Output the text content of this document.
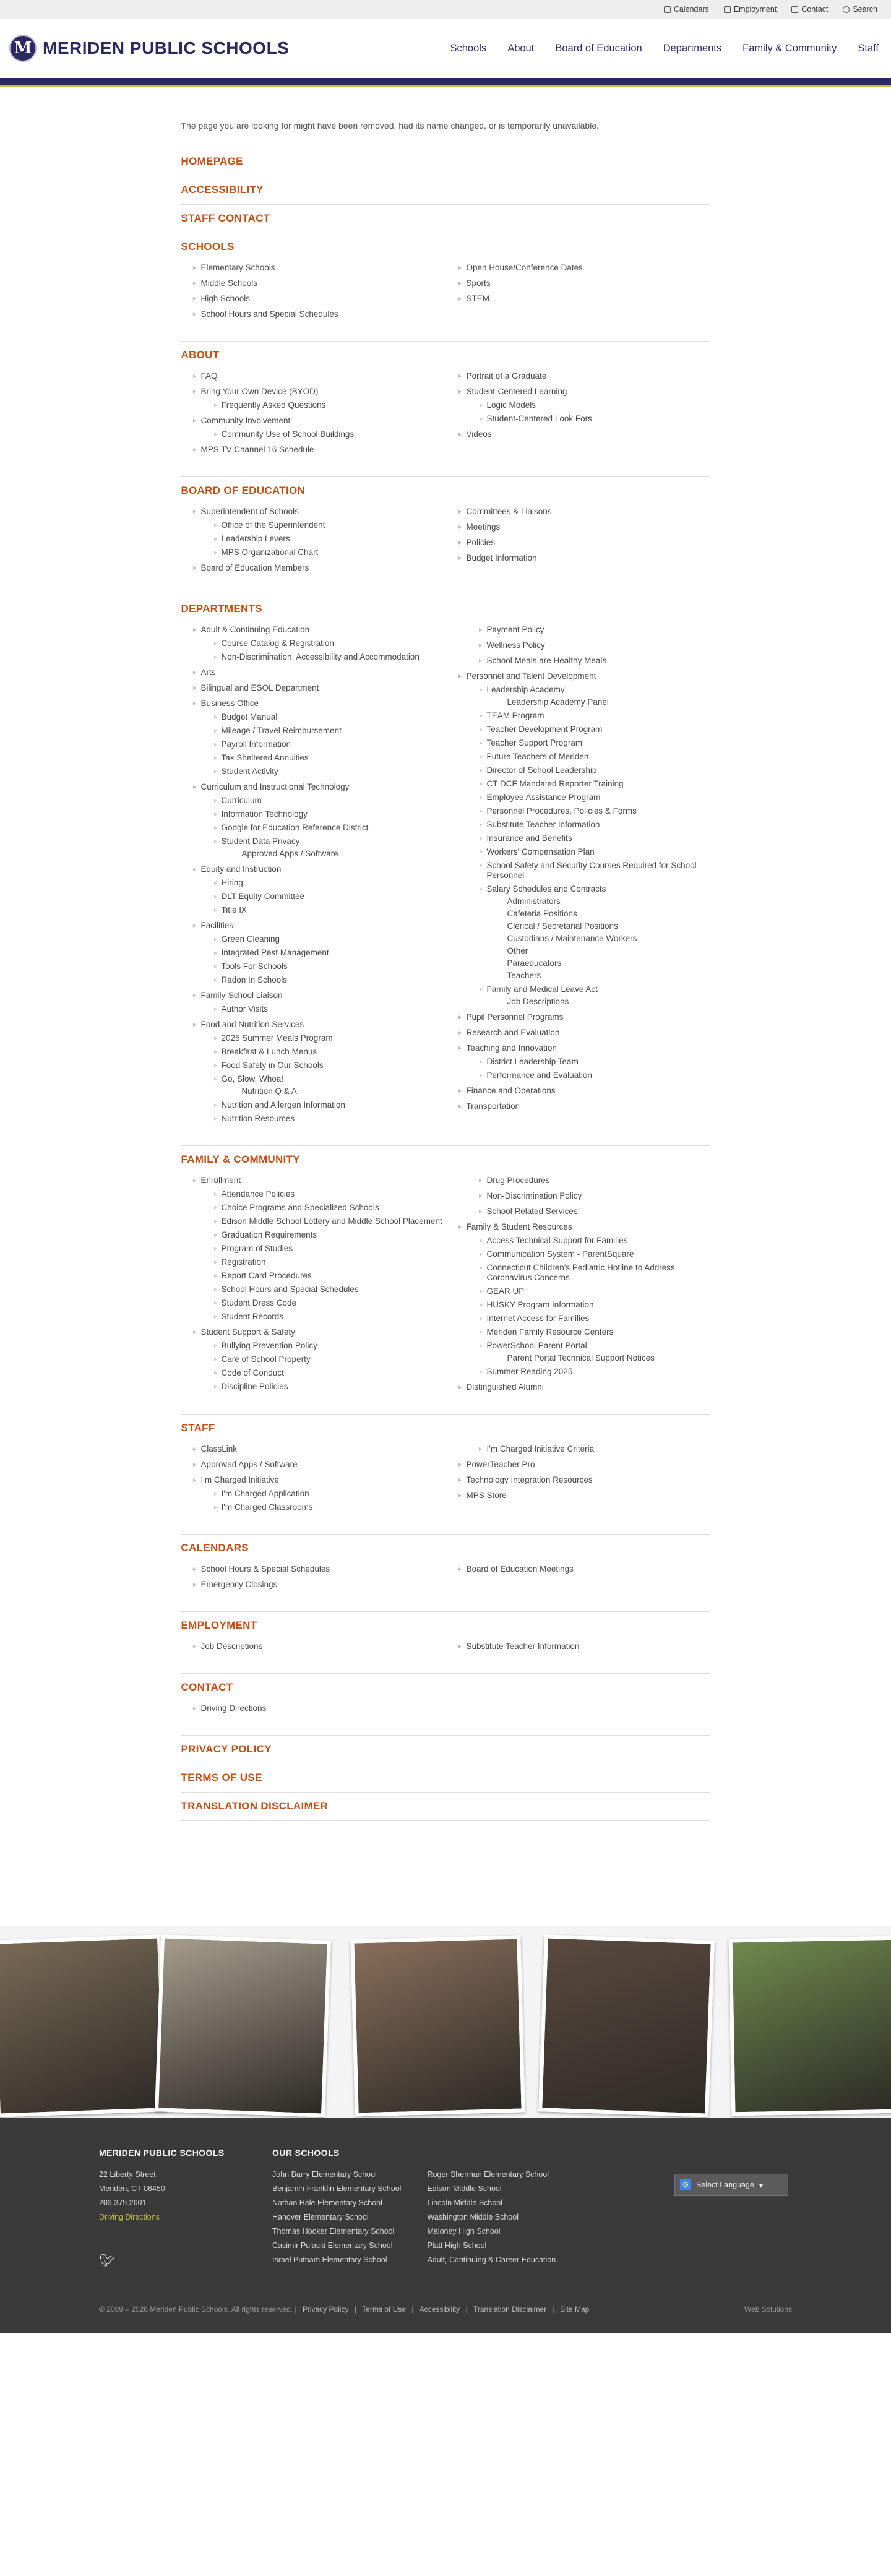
Calendars	Employment	Contact	Search
M MERIDEN PUBLIC SCHOOLS	Schools About Board of Education Departments Family & Community Staff

The page you are looking for might have been removed, had its name changed, or is temporarily unavailable.

HOMEPAGE
ACCESSIBILITY
STAFF CONTACT
SCHOOLS
Elementary Schools
Middle Schools
High Schools
School Hours and Special Schedules
Open House/Conference Dates
Sports
STEM
ABOUT
FAQ
Bring Your Own Device (BYOD)
Frequently Asked Questions
Community Involvement
Community Use of School Buildings
MPS TV Channel 16 Schedule
Portrait of a Graduate
Student-Centered Learning
Logic Models
Student-Centered Look Fors
Videos
BOARD OF EDUCATION
Superintendent of Schools
Office of the Superintendent
Leadership Levers
MPS Organizational Chart
Board of Education Members
Committees & Liaisons
Meetings
Policies
Budget Information
DEPARTMENTS
Adult & Continuing Education
Course Catalog & Registration
Non-Discrimination, Accessibility and Accommodation
Arts
Bilingual and ESOL Department
Business Office
Budget Manual
Mileage / Travel Reimbursement
Payroll Information
Tax Sheltered Annuities
Student Activity
Curriculum and Instructional Technology
Curriculum
Information Technology
Google for Education Reference District
Student Data Privacy
Approved Apps / Software
Equity and Instruction
Hiring
DLT Equity Committee
Title IX
Facilities
Green Cleaning
Integrated Pest Management
Tools For Schools
Radon In Schools
Family-School Liaison
Author Visits
Food and Nutrition Services
2025 Summer Meals Program
Breakfast & Lunch Menus
Food Safety in Our Schools
Go, Slow, Whoa!
Nutrition Q & A
Nutrition and Allergen Information
Nutrition Resources
Payment Policy
Wellness Policy
School Meals are Healthy Meals
Personnel and Talent Development
Leadership Academy
Leadership Academy Panel
TEAM Program
Teacher Development Program
Teacher Support Program
Future Teachers of Meriden
Director of School Leadership
CT DCF Mandated Reporter Training
Employee Assistance Program
Personnel Procedures, Policies & Forms
Substitute Teacher Information
Insurance and Benefits
Workers' Compensation Plan
School Safety and Security Courses Required for School Personnel
Salary Schedules and Contracts
Administrators
Cafeteria Positions
Clerical / Secretarial Positions
Custodians / Maintenance Workers
Other
Paraeducators
Teachers
Family and Medical Leave Act
Job Descriptions
Pupil Personnel Programs
Research and Evaluation
Teaching and Innovation
District Leadership Team
Performance and Evaluation
Finance and Operations
Transportation
FAMILY & COMMUNITY
Enrollment
Attendance Policies
Choice Programs and Specialized Schools
Edison Middle School Lottery and Middle School Placement
Graduation Requirements
Program of Studies
Registration
Report Card Procedures
School Hours and Special Schedules
Student Dress Code
Student Records
Student Support & Safety
Bullying Prevention Policy
Care of School Property
Code of Conduct
Discipline Policies
Drug Procedures
Non-Discrimination Policy
School Related Services
Family & Student Resources
Access Technical Support for Families
Communication System - ParentSquare
Connecticut Children's Pediatric Hotline to Address Coronavirus Concerns
GEAR UP
HUSKY Program Information
Internet Access for Families
Meriden Family Resource Centers
PowerSchool Parent Portal
Parent Portal Technical Support Notices
Summer Reading 2025
Distinguished Alumni
STAFF
ClassLink
Approved Apps / Software
I'm Charged Initiative
I'm Charged Application
I'm Charged Classrooms
I'm Charged Initiative Criteria
PowerTeacher Pro
Technology Integration Resources
MPS Store
CALENDARS
School Hours & Special Schedules
Emergency Closings
Board of Education Meetings
EMPLOYMENT
Job Descriptions	Substitute Teacher Information
CONTACT
Driving Directions
PRIVACY POLICY
TERMS OF USE
TRANSLATION DISCLAIMER
MERIDEN PUBLIC SCHOOLS
22 Liberty Street
Meriden, CT 06450
203.379.2601
Driving Directions
🐦︎
OUR SCHOOLS
John Barry Elementary School
Benjamin Franklin Elementary School
Nathan Hale Elementary School
Hanover Elementary School
Thomas Hooker Elementary School
Casimir Pulaski Elementary School
Israel Putnam Elementary School
Roger Sherman Elementary School
Edison Middle School
Lincoln Middle School
Washington Middle School
Maloney High School
Platt High School
Adult, Continuing & Career Education
G	Select Language ▾
© 2009 – 2026 Meriden Public Schools. All rights reserved. | Privacy Policy | Terms of Use | Accessibility | Translation Disclaimer | Site Map	Web Solutions
